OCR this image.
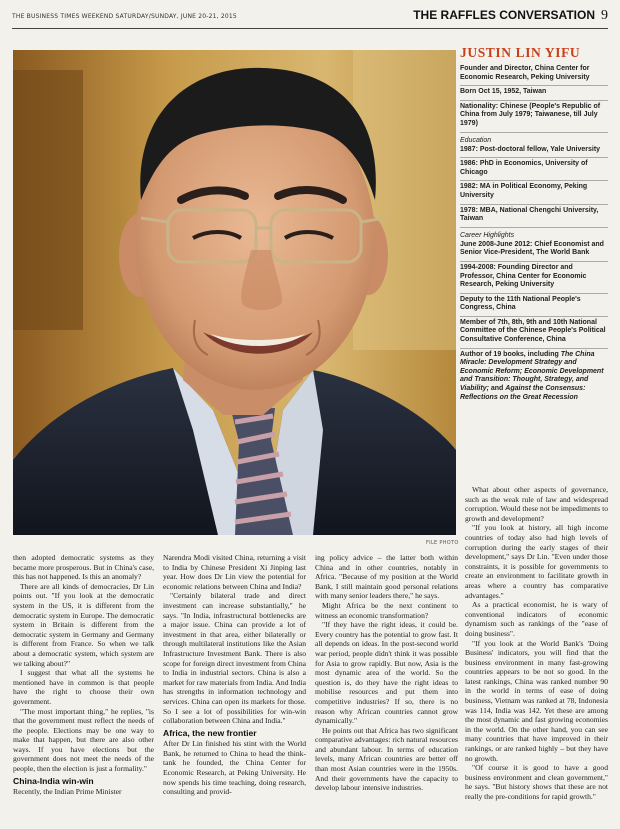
THE BUSINESS TIMES WEEKEND SATURDAY/SUNDAY, JUNE 20-21, 2015	THE RAFFLES CONVERSATION 9
FILE PHOTO
JUSTIN LIN YIFU

Founder and Director, China Center for Economic Research, Peking University

Born Oct 15, 1952, Taiwan

Nationality: Chinese (People's Republic of China from July 1979; Taiwanese, till July 1979)

Education

1987: Post-doctoral fellow, Yale University

1986: PhD in Economics, University of Chicago

1982: MA in Political Economy, Peking University

1978: MBA, National Chengchi University, Taiwan

Career Highlights

June 2008-June 2012: Chief Economist and Senior Vice-President, The World Bank

1994-2008: Founding Director and Professor, China Center for Economic Research, Peking University

Deputy to the 11th National People's Congress, China

Member of 7th, 8th, 9th and 10th National Committee of the Chinese People's Political Consultative Conference, China

Author of 19 books, including The China Miracle: Development Strategy and Economic Reform; Economic Development and Transition: Thought, Strategy, and Viability; and Against the Consensus: Reflections on the Great Recession

then adopted democratic systems as they became more prosperous. But in China's case, this has not happened. Is this an anomaly?

There are all kinds of democracies, Dr Lin points out. "If you look at the democratic system in the US, it is different from the democratic system in Europe. The democratic system in Britain is different from the democratic system in Germany and Germany is different from France. So when we talk about a democratic system, which system are we talking about?"

I suggest that what all the systems he mentioned have in common is that people have the right to choose their own government.

"The most important thing," he replies, "is that the government must reflect the needs of the people. Elections may be one way to make that happen, but there are also other ways. If you have elections but the government does not meet the needs of the people, then the election is just a formality."

China-India win-win

Recently, the Indian Prime Minister

Narendra Modi visited China, returning a visit to India by Chinese President Xi Jinping last year. How does Dr Lin view the potential for economic relations between China and India?

"Certainly bilateral trade and direct investment can increase substantially," he says. "In India, infrastructural bottlenecks are a major issue. China can provide a lot of investment in that area, either bilaterally or through multilateral institutions like the Asian Infrastructure Investment Bank. There is also scope for foreign direct investment from China to India in industrial sectors. China is also a market for raw materials from India. And India has strengths in information technology and services. China can open its markets for those. So I see a lot of possibilities for win-win collaboration between China and India."

Africa, the new frontier

After Dr Lin finished his stint with the World Bank, he returned to China to head the think-tank he founded, the China Center for Economic Research, at Peking University. He now spends his time teaching, doing research, consulting and provid-

ing policy advice – the latter both within China and in other countries, notably in Africa. "Because of my position at the World Bank, I still maintain good personal relations with many senior leaders there," he says.

Might Africa be the next continent to witness an economic transformation?

"If they have the right ideas, it could be. Every country has the potential to grow fast. It all depends on ideas. In the post-second world war period, people didn't think it was possible for Asia to grow rapidly. But now, Asia is the most dynamic area of the world. So the question is, do they have the right ideas to mobilise resources and put them into competitive industries? If so, there is no reason why African countries cannot grow dynamically."

He points out that Africa has two significant comparative advantages: rich natural resources and abundant labour. In terms of education levels, many African countries are better off than most Asian countries were in the 1950s. And their governments have the capacity to develop labour intensive industries.

What about other aspects of governance, such as the weak rule of law and widespread corruption. Would these not be impediments to growth and development?

"If you look at history, all high income countries of today also had high levels of corruption during the early stages of their development," says Dr Lin. "Even under those constraints, it is possible for governments to create an environment to facilitate growth in areas where a country has comparative advantages."

As a practical economist, he is wary of conventional indicators of economic dynamism such as rankings of the "ease of doing business".

"If you look at the World Bank's 'Doing Business' indicators, you will find that the business environment in many fast-growing countries appears to be not so good. In the latest rankings, China was ranked number 90 in the world in terms of ease of doing business, Vietnam was ranked at 78, Indonesia was 114, India was 142. Yet these are among the most dynamic and fast growing economies in the world. On the other hand, you can see many countries that have improved in their rankings, or are ranked highly – but they have no growth.

"Of course it is good to have a good business environment and clean government," he says. "But history shows that these are not really the pre-conditions for rapid growth."
